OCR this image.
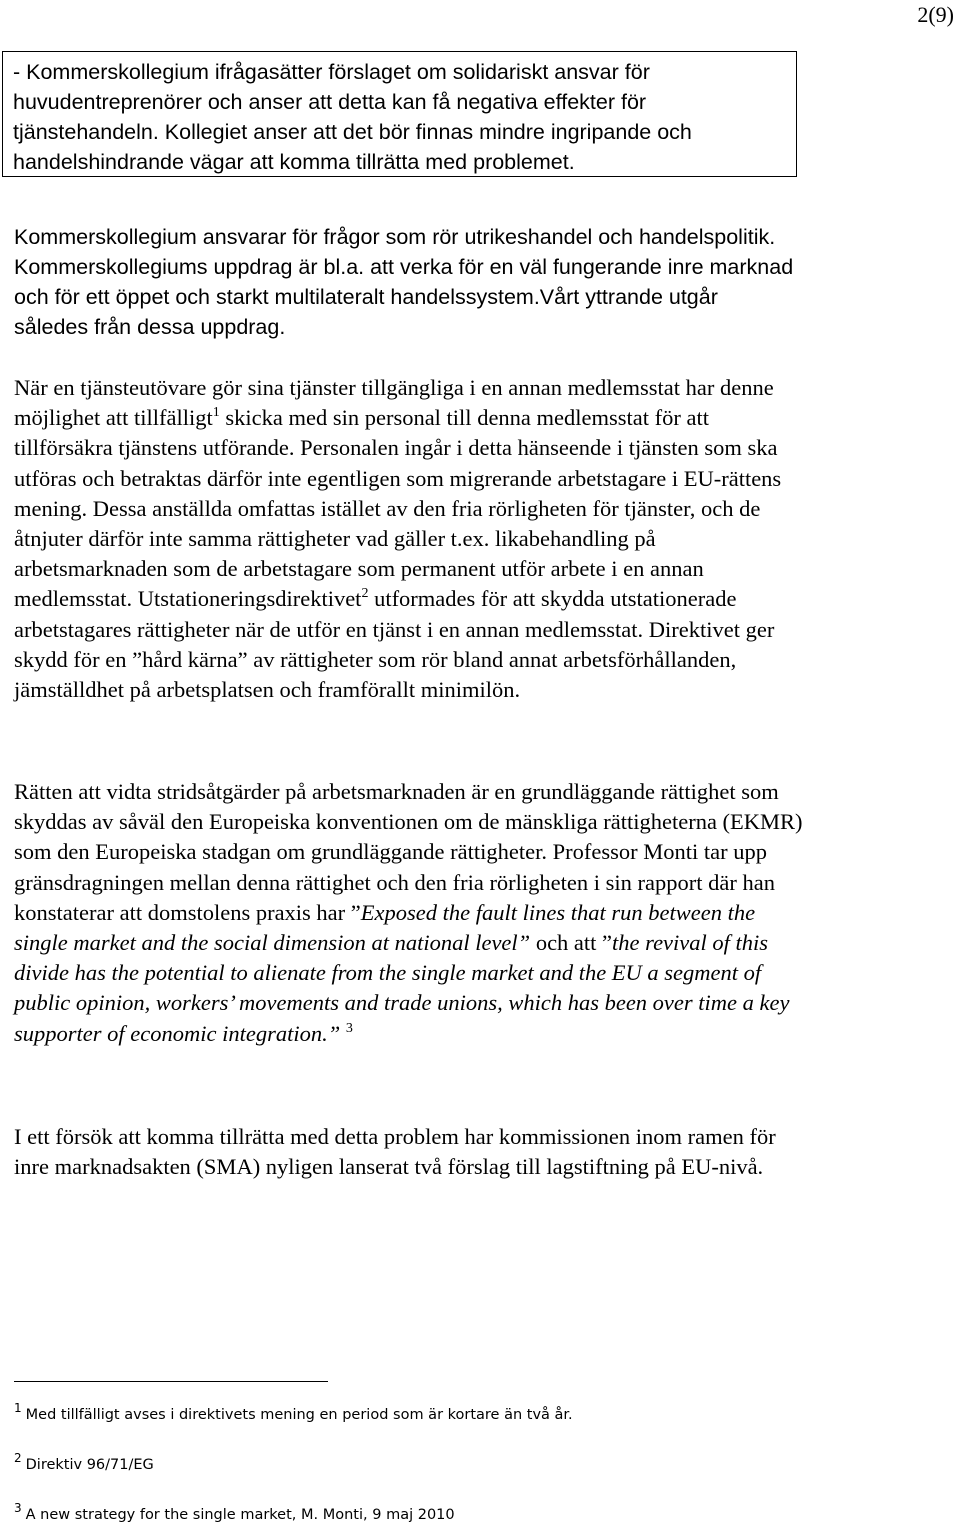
2(9)

- Kommerskollegium ifrågasätter förslaget om solidariskt ansvar för huvudentreprenörer och anser att detta kan få negativa effekter för tjänstehandeln. Kollegiet anser att det bör finnas mindre ingripande och handelshindrande vägar att komma tillrätta med problemet.

Kommerskollegium ansvarar för frågor som rör utrikeshandel och handelspolitik. Kommerskollegiums uppdrag är bl.a. att verka för en väl fungerande inre marknad och för ett öppet och starkt multilateralt handelssystem.Vårt yttrande utgår således från dessa uppdrag.

När en tjänsteutövare gör sina tjänster tillgängliga i en annan medlemsstat har denne möjlighet att tillfälligt$^1$ skicka med sin personal till denna medlemsstat för att tillförsäkra tjänstens utförande. Personalen ingår i detta hänseende i tjänsten som ska utföras och betraktas därför inte egentligen som migrerande arbetstagare i EU-rättens mening. Dessa anställda omfattas istället av den fria rörligheten för tjänster, och de åtnjuter därför inte samma rättigheter vad gäller t.ex. likabehandling på arbetsmarknaden som de arbetstagare som permanent utför arbete i en annan medlemsstat. Utstationeringsdirektivet$^2$ utformades för att skydda utstationerade arbetstagares rättigheter när de utför en tjänst i en annan medlemsstat. Direktivet ger skydd för en ”hård kärna” av rättigheter som rör bland annat arbetsförhållanden, jämställdhet på arbetsplatsen och framförallt minimilön.

Rätten att vidta stridsåtgärder på arbetsmarknaden är en grundläggande rättighet som skyddas av såväl den Europeiska konventionen om de mänskliga rättigheterna (EKMR) som den Europeiska stadgan om grundläggande rättigheter. Professor Monti tar upp gränsdragningen mellan denna rättighet och den fria rörligheten i sin rapport där han konstaterar att domstolens praxis har ”Exposed the fault lines that run between the single market and the social dimension at national level” och att ”the revival of this divide has the potential to alienate from the single market and the EU a segment of public opinion, workers’ movements and trade unions, which has been over time a key supporter of economic integration.” $^3$

I ett försök att komma tillrätta med detta problem har kommissionen inom ramen för inre marknadsakten (SMA) nyligen lanserat två förslag till lagstiftning på EU-nivå.

$^1$ Med tillfälligt avses i direktivets mening en period som är kortare än två år.
$^2$ Direktiv 96/71/EG
$^3$ A new strategy for the single market, M. Monti, 9 maj 2010
